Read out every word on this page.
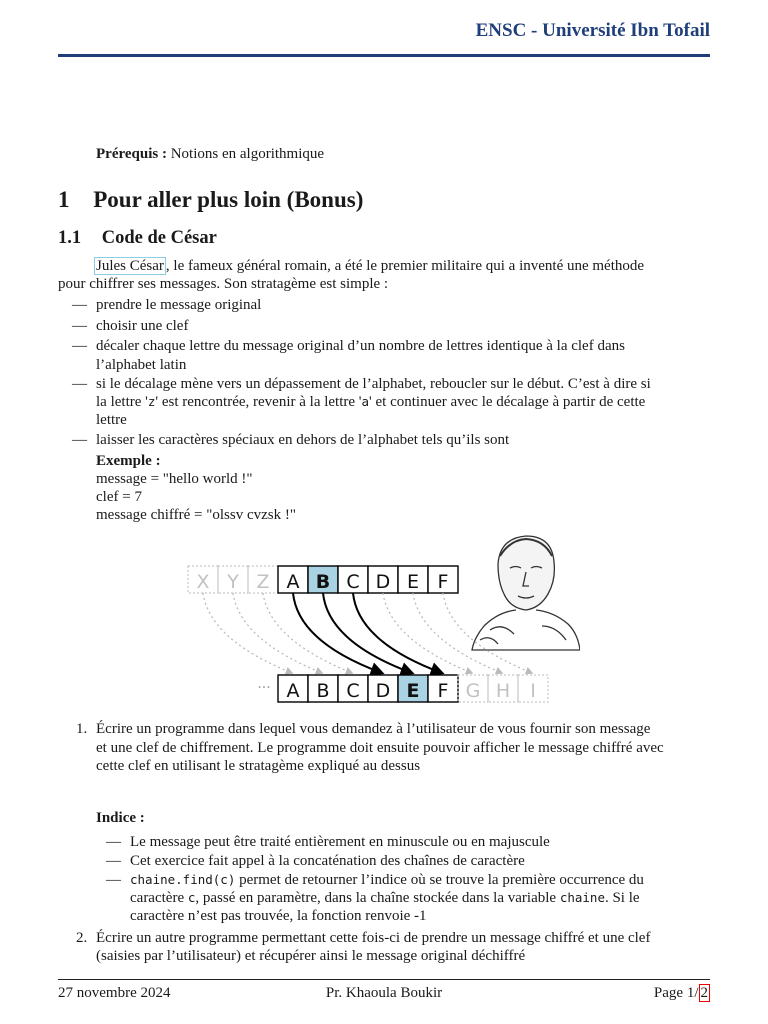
ENSC - Université Ibn Tofail
Prérequis : Notions en algorithmique
1 Pour aller plus loin (Bonus)
1.1 Code de César
Jules César , le fameux général romain, a été le premier militaire qui a inventé une méthode
pour chiffrer ses messages. Son stratagème est simple :
— prendre le message original
— choisir une clef
— décaler chaque lettre du message original d’un nombre de lettres identique à la clef dans
l’alphabet latin
— si le décalage mène vers un dépassement de l’alphabet, reboucler sur le début. C’est à dire si
la lettre 'z' est rencontrée, revenir à la lettre 'a' et continuer avec le décalage à partir de cette
lettre
— laisser les caractères spéciaux en dehors de l’alphabet tels qu’ils sont
Exemple :
message = "hello world !"
clef = 7
message chiffré = "olssv cvzsk !"
X Y Z A B C D E F
··· A B C D E F G H I
1. Écrire un programme dans lequel vous demandez à l’utilisateur de vous fournir son message
et une clef de chiffrement. Le programme doit ensuite pouvoir afficher le message chiffré avec
cette clef en utilisant le stratagème expliqué au dessus
Indice :
— Le message peut être traité entièrement en minuscule ou en majuscule
— Cet exercice fait appel à la concaténation des chaînes de caractère
— chaine.find(c) permet de retourner l’indice où se trouve la première occurrence du
caractère c, passé en paramètre, dans la chaîne stockée dans la variable chaine. Si le
caractère n’est pas trouvée, la fonction renvoie -1
2. Écrire un autre programme permettant cette fois-ci de prendre un message chiffré et une clef
(saisies par l’utilisateur) et récupérer ainsi le message original déchiffré
27 novembre 2024	Pr. Khaoula Boukir	Page 1/ 2
